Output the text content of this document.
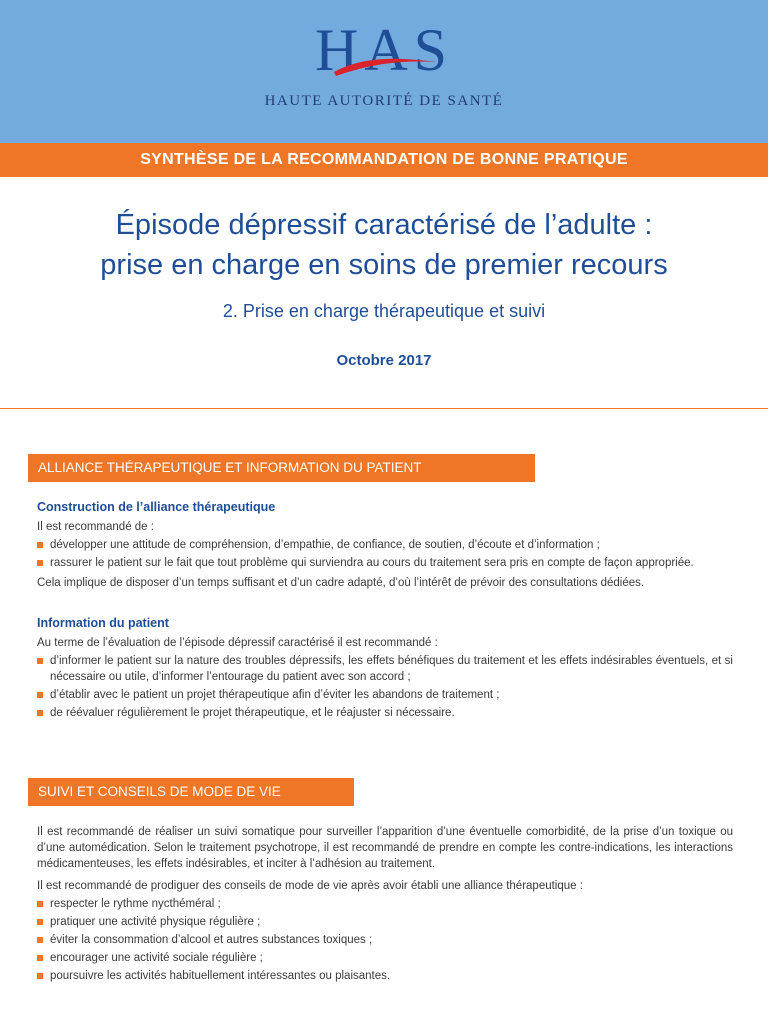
HAS
HAUTE AUTORITÉ DE SANTÉ
SYNTHÈSE DE LA RECOMMANDATION DE BONNE PRATIQUE
Épisode dépressif caractérisé de l’adulte :
prise en charge en soins de premier recours
2. Prise en charge thérapeutique et suivi
Octobre 2017
ALLIANCE THÉRAPEUTIQUE ET INFORMATION DU PATIENT
Construction de l’alliance thérapeutique

Il est recommandé de :

développer une attitude de compréhension, d’empathie, de confiance, de soutien, d’écoute et d’information ;
rassurer le patient sur le fait que tout problème qui surviendra au cours du traitement sera pris en compte de façon appropriée.

Cela implique de disposer d’un temps suffisant et d’un cadre adapté, d’où l’intérêt de prévoir des consultations dédiées.

Information du patient

Au terme de l’évaluation de l’épisode dépressif caractérisé il est recommandé :

d’informer le patient sur la nature des troubles dépressifs, les effets bénéfiques du traitement et les effets indésirables éventuels, et si nécessaire ou utile, d’informer l’entourage du patient avec son accord ;
d’établir avec le patient un projet thérapeutique afin d’éviter les abandons de traitement ;
de réévaluer régulièrement le projet thérapeutique, et le réajuster si nécessaire.
SUIVI ET CONSEILS DE MODE DE VIE

Il est recommandé de réaliser un suivi somatique pour surveiller l’apparition d’une éventuelle comorbidité, de la prise d’un toxique ou d’une automédication. Selon le traitement psychotrope, il est recommandé de prendre en compte les contre-indications, les interactions médicamenteuses, les effets indésirables, et inciter à l’adhésion au traitement.

Il est recommandé de prodiguer des conseils de mode de vie après avoir établi une alliance thérapeutique :

respecter le rythme nycthéméral ;
pratiquer une activité physique régulière ;
éviter la consommation d’alcool et autres substances toxiques ;
encourager une activité sociale régulière ;
poursuivre les activités habituellement intéressantes ou plaisantes.
